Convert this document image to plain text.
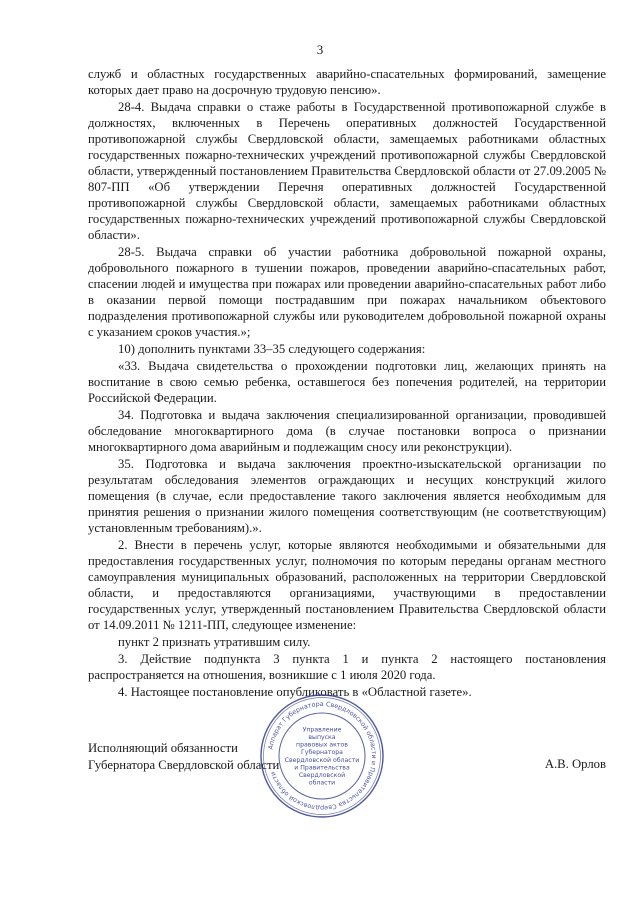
3

служб и областных государственных аварийно-спасательных формирований, замещение которых дает право на досрочную трудовую пенсию».

28-4. Выдача справки о стаже работы в Государственной противопожарной службе в должностях, включенных в Перечень оперативных должностей Государственной противопожарной службы Свердловской области, замещаемых работниками областных государственных пожарно-технических учреждений противопожарной службы Свердловской области, утвержденный постановлением Правительства Свердловской области от 27.09.2005 № 807-ПП «Об утверждении Перечня оперативных должностей Государственной противопожарной службы Свердловской области, замещаемых работниками областных государственных пожарно-технических учреждений противопожарной службы Свердловской области».

28-5. Выдача справки об участии работника добровольной пожарной охраны, добровольного пожарного в тушении пожаров, проведении аварийно-спасательных работ, спасении людей и имущества при пожарах или проведении аварийно-спасательных работ либо в оказании первой помощи пострадавшим при пожарах начальником объектового подразделения противопожарной службы или руководителем добровольной пожарной охраны с указанием сроков участия.»;

10) дополнить пунктами 33–35 следующего содержания:

«33. Выдача свидетельства о прохождении подготовки лиц, желающих принять на воспитание в свою семью ребенка, оставшегося без попечения родителей, на территории Российской Федерации.

34. Подготовка и выдача заключения специализированной организации, проводившей обследование многоквартирного дома (в случае постановки вопроса о признании многоквартирного дома аварийным и подлежащим сносу или реконструкции).

35. Подготовка и выдача заключения проектно-изыскательской организации по результатам обследования элементов ограждающих и несущих конструкций жилого помещения (в случае, если предоставление такого заключения является необходимым для принятия решения о признании жилого помещения соответствующим (не соответствующим) установленным требованиям).».

2. Внести в перечень услуг, которые являются необходимыми и обязательными для предоставления государственных услуг, полномочия по которым переданы органам местного самоуправления муниципальных образований, расположенных на территории Свердловской области, и предоставляются организациями, участвующими в предоставлении государственных услуг, утвержденный постановлением Правительства Свердловской области от 14.09.2011 № 1211-ПП, следующее изменение:

пункт 2 признать утратившим силу.

3. Действие подпункта 3 пункта 1 и пункта 2 настоящего постановления распространяется на отношения, возникшие с 1 июля 2020 года.

4. Настоящее постановление опубликовать в «Областной газете».

Исполняющий обязанности
Губернатора Свердловской области	А.В. Орлов
Аппарат Губернатора Свердловской области и Правительства Свердловской области
Управление
выпуска
правовых актов
Губернатора
Свердловской области
и Правительства
Свердловской
области
